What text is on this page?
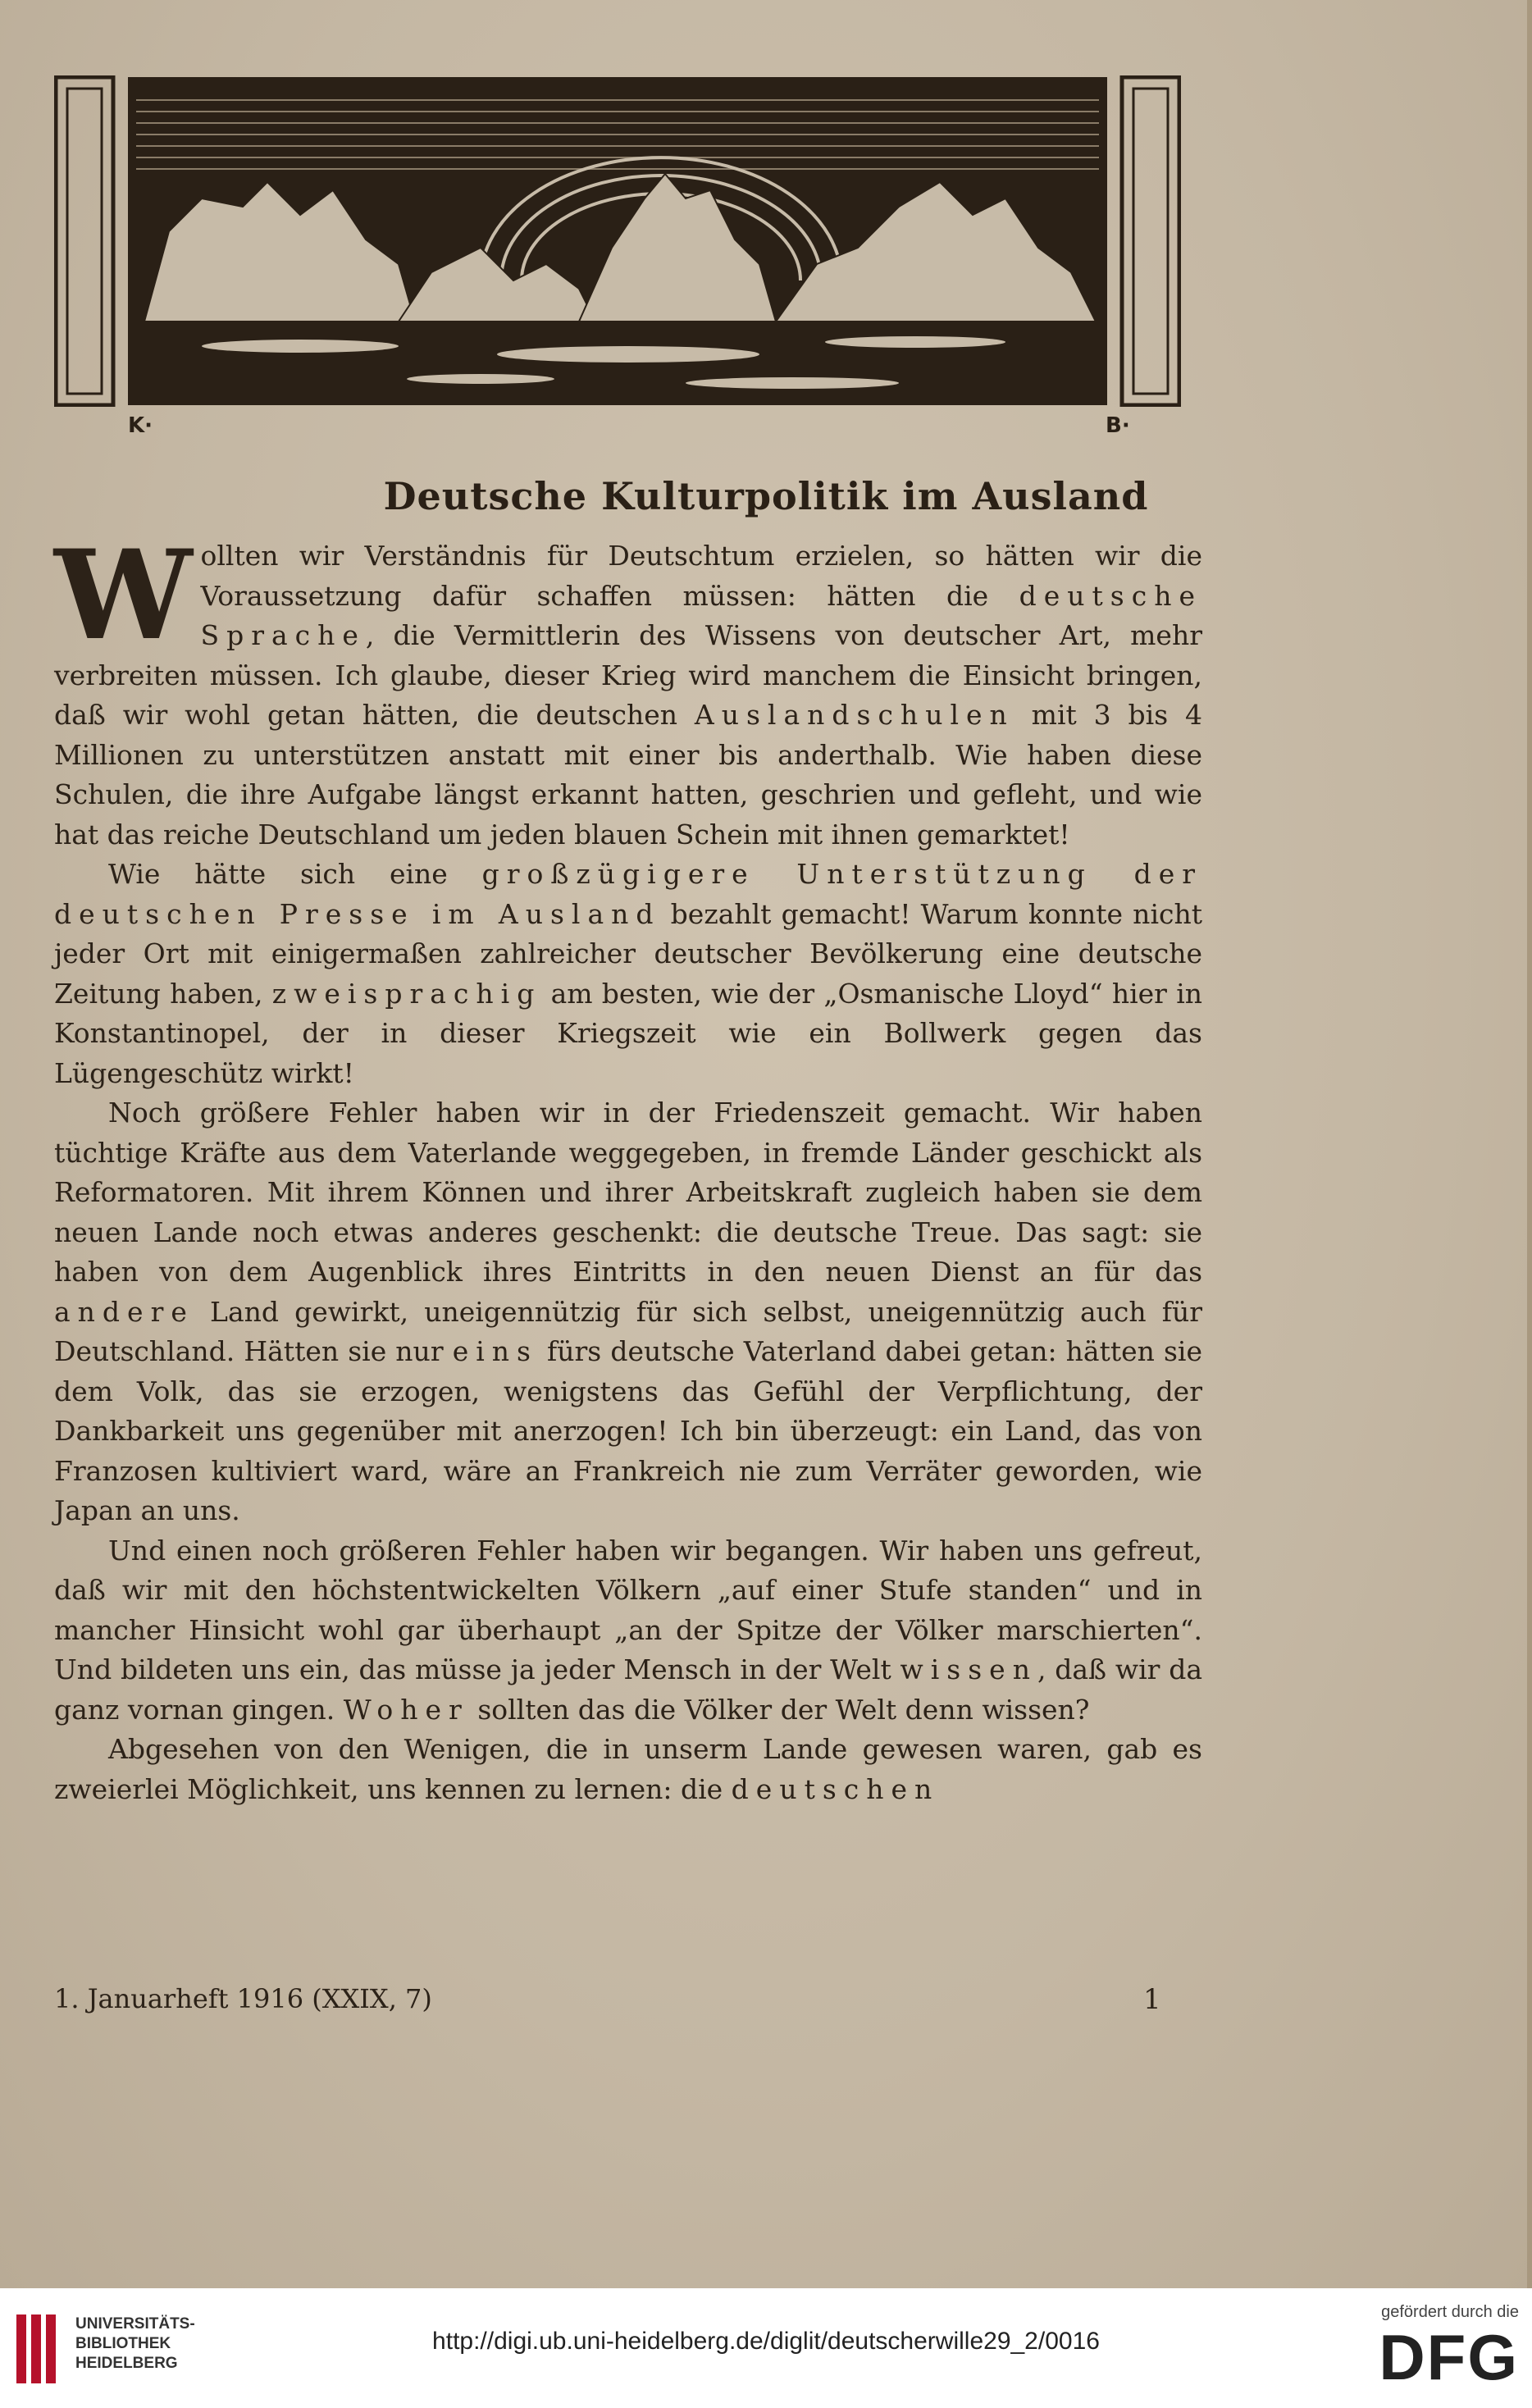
K·	B·
Deutsche Kulturpolitik im Ausland

Wollten wir Verständnis für Deutschtum erzielen, so hätten wir die Voraussetzung dafür schaffen müssen: hätten die deutsche Sprache, die Vermittlerin des Wissens von deutscher Art, mehr verbreiten müssen. Ich glaube, dieser Krieg wird manchem die Einsicht bringen, daß wir wohl getan hätten, die deutschen Auslandschulen mit 3 bis 4 Millionen zu unterstützen anstatt mit einer bis anderthalb. Wie haben diese Schulen, die ihre Aufgabe längst erkannt hatten, geschrien und gefleht, und wie hat das reiche Deutschland um jeden blauen Schein mit ihnen gemarktet!

Wie hätte sich eine großzügigere Unterstützung der deutschen Presse im Ausland bezahlt gemacht! Warum konnte nicht jeder Ort mit einigermaßen zahlreicher deutscher Bevölkerung eine deutsche Zeitung haben, zweisprachig am besten, wie der „Osmanische Lloyd“ hier in Konstantinopel, der in dieser Kriegszeit wie ein Bollwerk gegen das Lügengeschütz wirkt!

Noch größere Fehler haben wir in der Friedenszeit gemacht. Wir haben tüchtige Kräfte aus dem Vaterlande weggegeben, in fremde Länder geschickt als Reformatoren. Mit ihrem Können und ihrer Arbeitskraft zugleich haben sie dem neuen Lande noch etwas anderes geschenkt: die deutsche Treue. Das sagt: sie haben von dem Augenblick ihres Eintritts in den neuen Dienst an für das andere Land gewirkt, uneigennützig für sich selbst, uneigennützig auch für Deutschland. Hätten sie nur eins fürs deutsche Vaterland dabei getan: hätten sie dem Volk, das sie erzogen, wenigstens das Gefühl der Verpflichtung, der Dankbarkeit uns gegenüber mit anerzogen! Ich bin überzeugt: ein Land, das von Franzosen kultiviert ward, wäre an Frankreich nie zum Verräter geworden, wie Japan an uns.

Und einen noch größeren Fehler haben wir begangen. Wir haben uns gefreut, daß wir mit den höchstentwickelten Völkern „auf einer Stufe standen“ und in mancher Hinsicht wohl gar überhaupt „an der Spitze der Völker marschierten“. Und bildeten uns ein, das müsse ja jeder Mensch in der Welt wissen, daß wir da ganz vornan gingen. Woher sollten das die Völker der Welt denn wissen?

Abgesehen von den Wenigen, die in unserm Lande gewesen waren, gab es zweierlei Möglichkeit, uns kennen zu lernen: die deutschen

1. Januarheft 1916 (XXIX, 7)	1
UNIVERSITÄTS-
BIBLIOTHEK
HEIDELBERG
http://digi.ub.uni-heidelberg.de/diglit/deutscherwille29_2/0016
gefördert durch die
DFG
